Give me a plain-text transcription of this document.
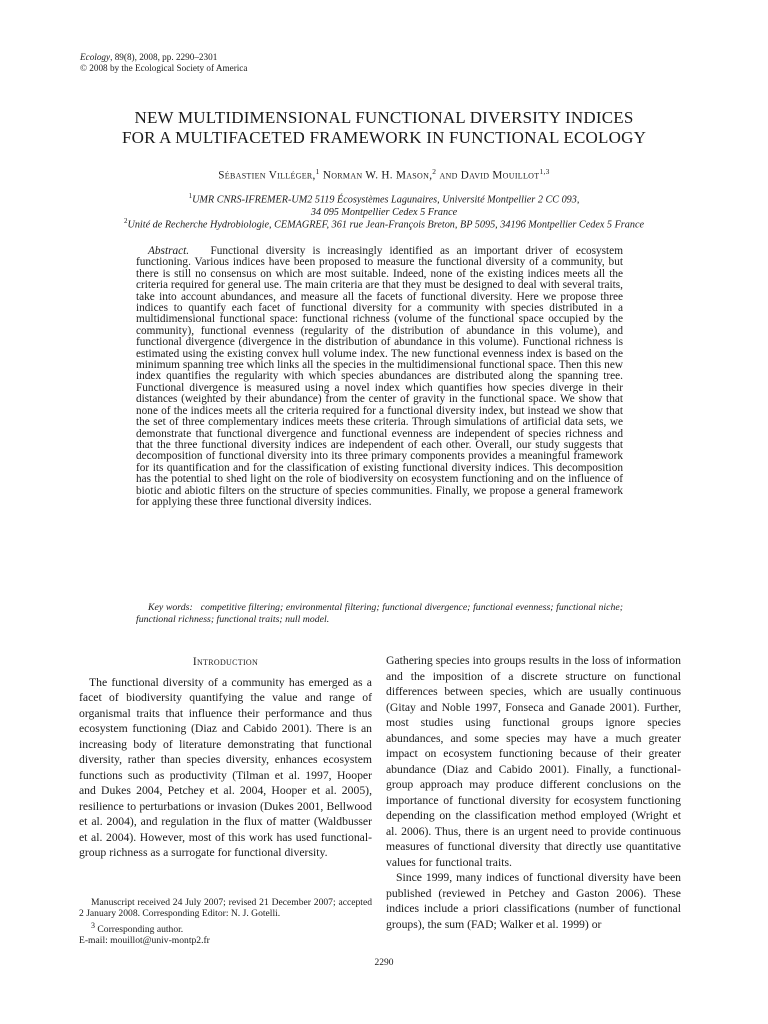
Ecology, 89(8), 2008, pp. 2290–2301
© 2008 by the Ecological Society of America
NEW MULTIDIMENSIONAL FUNCTIONAL DIVERSITY INDICES
FOR A MULTIFACETED FRAMEWORK IN FUNCTIONAL ECOLOGY
Sébastien Villéger,$^1$ Norman W. H. Mason,$^2$ and David Mouillot$^{1,3}$
$^1$UMR CNRS-IFREMER-UM2 5119 Écosystèmes Lagunaires, Université Montpellier 2 CC 093,
34 095 Montpellier Cedex 5 France
$^2$Unité de Recherche Hydrobiologie, CEMAGREF, 361 rue Jean-François Breton, BP 5095, 34196 Montpellier Cedex 5 France
Abstract. Functional diversity is increasingly identified as an important driver of ecosystem functioning. Various indices have been proposed to measure the functional diversity of a community, but there is still no consensus on which are most suitable. Indeed, none of the existing indices meets all the criteria required for general use. The main criteria are that they must be designed to deal with several traits, take into account abundances, and measure all the facets of functional diversity. Here we propose three indices to quantify each facet of functional diversity for a community with species distributed in a multidimensional functional space: functional richness (volume of the functional space occupied by the community), functional evenness (regularity of the distribution of abundance in this volume), and functional divergence (divergence in the distribution of abundance in this volume). Functional richness is estimated using the existing convex hull volume index. The new functional evenness index is based on the minimum spanning tree which links all the species in the multidimensional functional space. Then this new index quantifies the regularity with which species abundances are distributed along the spanning tree. Functional divergence is measured using a novel index which quantifies how species diverge in their distances (weighted by their abundance) from the center of gravity in the functional space. We show that none of the indices meets all the criteria required for a functional diversity index, but instead we show that the set of three complementary indices meets these criteria. Through simulations of artificial data sets, we demonstrate that functional divergence and functional evenness are independent of species richness and that the three functional diversity indices are independent of each other. Overall, our study suggests that decomposition of functional diversity into its three primary components provides a meaningful framework for its quantification and for the classification of existing functional diversity indices. This decomposition has the potential to shed light on the role of biodiversity on ecosystem functioning and on the influence of biotic and abiotic filters on the structure of species communities. Finally, we propose a general framework for applying these three functional diversity indices.
Key words: competitive filtering; environmental filtering; functional divergence; functional evenness; functional niche; functional richness; functional traits; null model.
Introduction

The functional diversity of a community has emerged as a facet of biodiversity quantifying the value and range of organismal traits that influence their performance and thus ecosystem functioning (Diaz and Cabido 2001). There is an increasing body of literature demonstrating that functional diversity, rather than species diversity, enhances ecosystem functions such as productivity (Tilman et al. 1997, Hooper and Dukes 2004, Petchey et al. 2004, Hooper et al. 2005), resilience to perturbations or invasion (Dukes 2001, Bellwood et al. 2004), and regulation in the flux of matter (Waldbusser et al. 2004). However, most of this work has used functional-group richness as a surrogate for functional diversity.

Gathering species into groups results in the loss of information and the imposition of a discrete structure on functional differences between species, which are usually continuous (Gitay and Noble 1997, Fonseca and Ganade 2001). Further, most studies using functional groups ignore species abundances, and some species may have a much greater impact on ecosystem functioning because of their greater abundance (Diaz and Cabido 2001). Finally, a functional-group approach may produce different conclusions on the importance of functional diversity for ecosystem functioning depending on the classification method employed (Wright et al. 2006). Thus, there is an urgent need to provide continuous measures of functional diversity that directly use quantitative values for functional traits.

Since 1999, many indices of functional diversity have been published (reviewed in Petchey and Gaston 2006). These indices include a priori classifications (number of functional groups), the sum (FAD; Walker et al. 1999) or

Manuscript received 24 July 2007; revised 21 December 2007; accepted 2 January 2008. Corresponding Editor: N. J. Gotelli.

$^3$ Corresponding author.

E-mail: mouillot@univ-montp2.fr

2290
